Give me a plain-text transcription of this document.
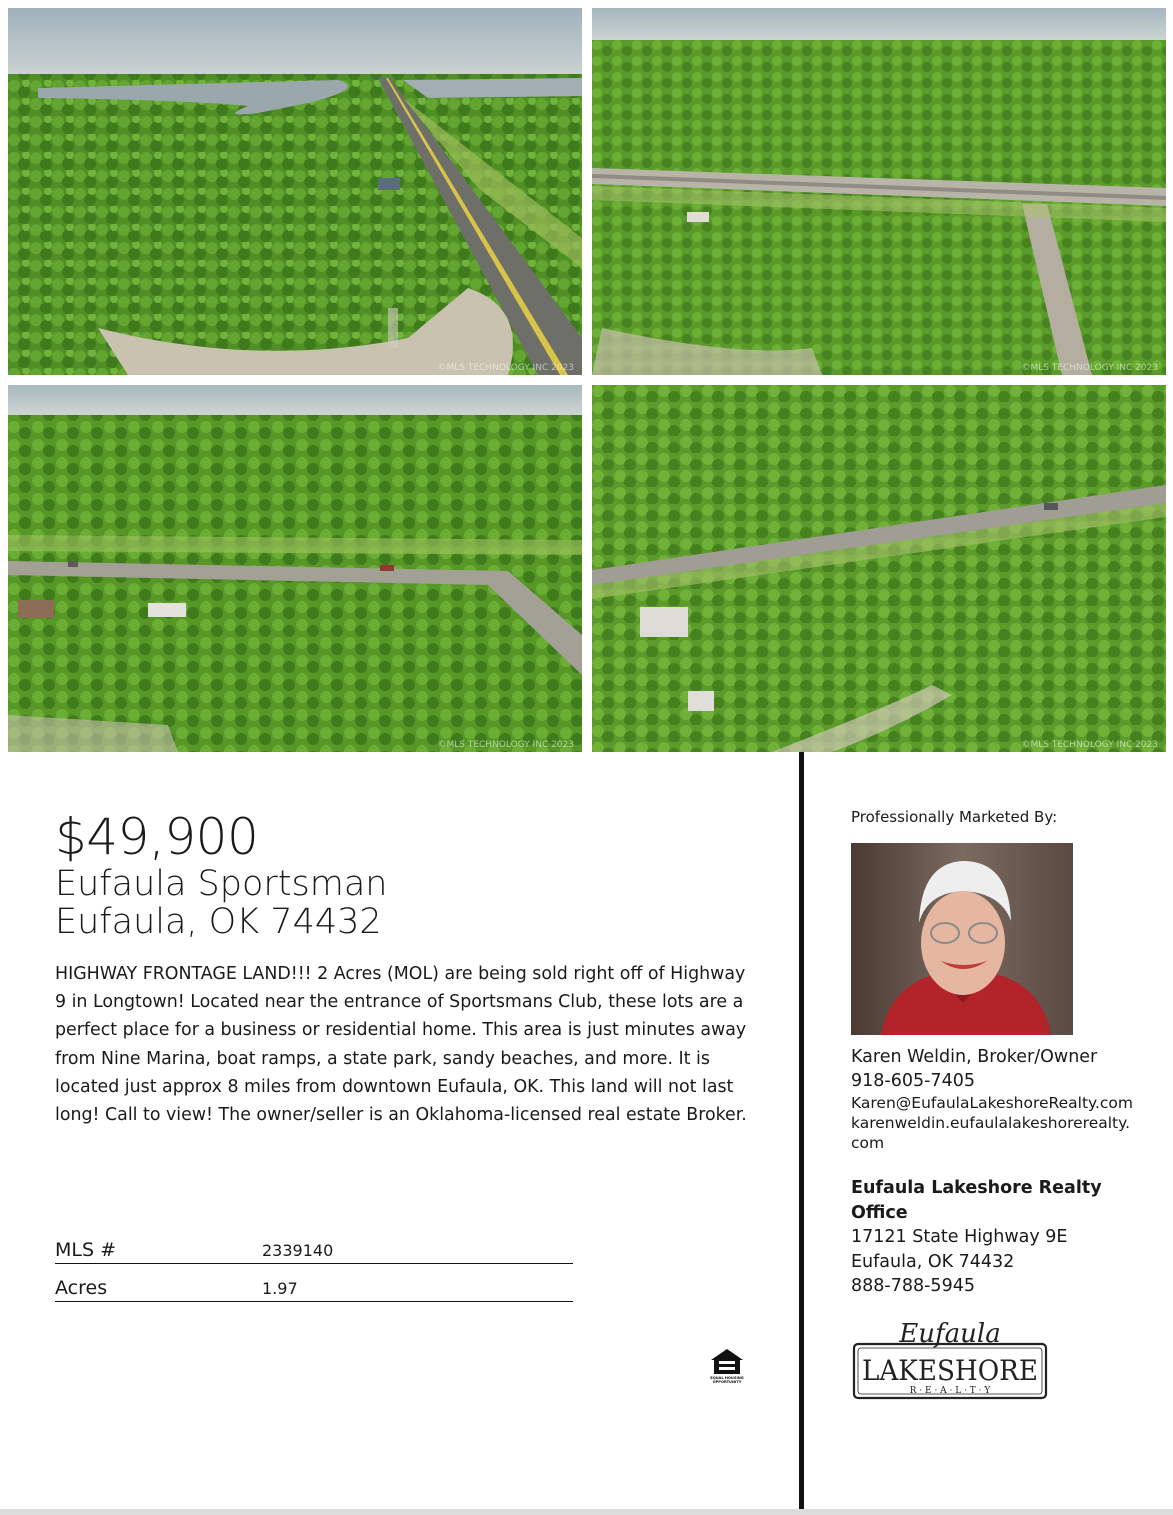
©MLS TECHNOLOGY INC 2023	©MLS TECHNOLOGY INC 2023
©MLS TECHNOLOGY INC 2023	©MLS TECHNOLOGY INC 2023
$49,900
Eufaula Sportsman
Eufaula, OK 74432

HIGHWAY FRONTAGE LAND!!! 2 Acres (MOL) are being sold right off of Highway 9 in Longtown! Located near the entrance of Sportsmans Club, these lots are a perfect place for a business or residential home. This area is just minutes away from Nine Marina, boat ramps, a state park, sandy beaches, and more. It is located just approx 8 miles from downtown Eufaula, OK. This land will not last long! Call to view! The owner/seller is an Oklahoma-licensed real estate Broker.

MLS #	2339140
Acres	1.97
EQUAL HOUSING
OPPORTUNITY
Professionally Marketed By:
Karen Weldin, Broker/Owner
918-605-7405
Karen@EufaulaLakeshoreRealty.com
karenweldin.eufaulalakeshorerealty.
com
Eufaula Lakeshore Realty
Office
17121 State Highway 9E
Eufaula, OK 74432
888-788-5945
Eufaula
LAKESHORE
R · E · A · L · T · Y
